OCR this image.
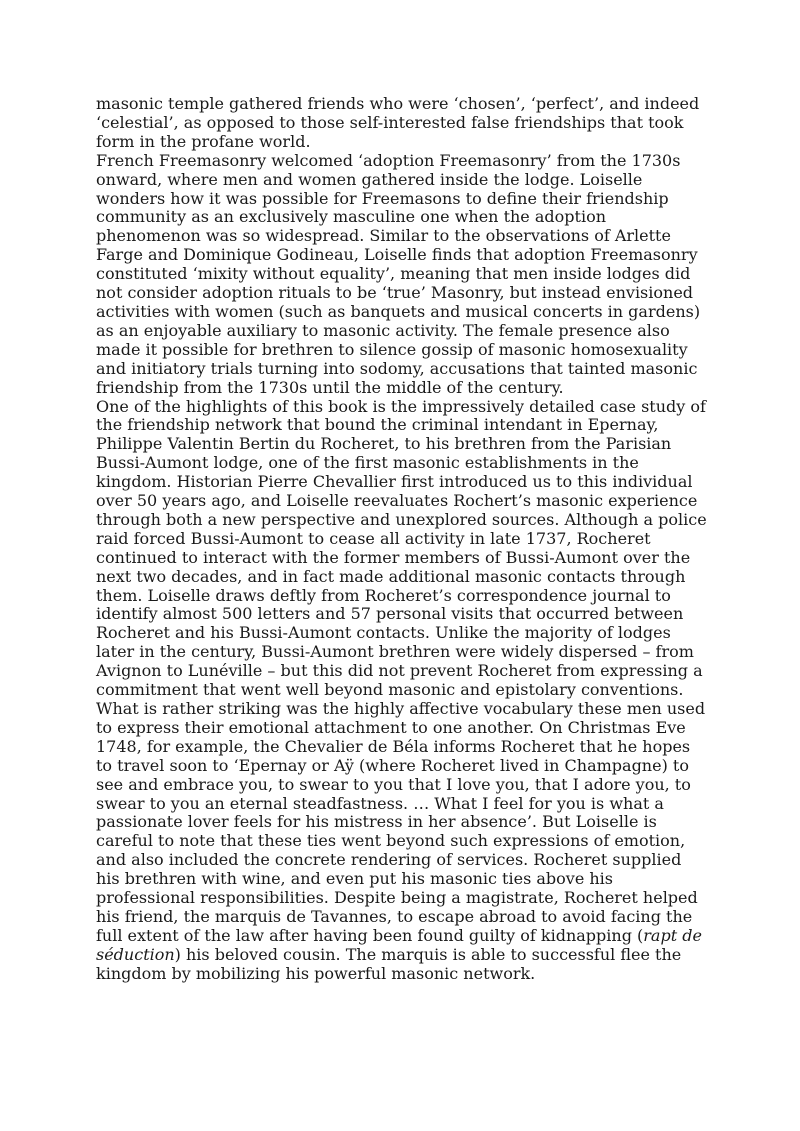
masonic temple gathered friends who were ‘chosen’, ‘perfect’, and indeed ‘celestial’, as opposed to those self-interested false friendships that took form in the profane world.

French Freemasonry welcomed ‘adoption Freemasonry’ from the 1730s onward, where men and women gathered inside the lodge. Loiselle wonders how it was possible for Freemasons to define their friendship community as an exclusively masculine one when the adoption phenomenon was so widespread. Similar to the observations of Arlette Farge and Dominique Godineau, Loiselle finds that adoption Freemasonry constituted ‘mixity without equality’, meaning that men inside lodges did not consider adoption rituals to be ‘true’ Masonry, but instead envisioned activities with women (such as banquets and musical concerts in gardens) as an enjoyable auxiliary to masonic activity. The female presence also made it possible for brethren to silence gossip of masonic homosexuality and initiatory trials turning into sodomy, accusations that tainted masonic friendship from the 1730s until the middle of the century.

One of the highlights of this book is the impressively detailed case study of the friendship network that bound the criminal intendant in Epernay, Philippe Valentin Bertin du Rocheret, to his brethren from the Parisian Bussi-Aumont lodge, one of the first masonic establishments in the kingdom. Historian Pierre Chevallier first introduced us to this individual over 50 years ago, and Loiselle reevaluates Rochert’s masonic experience through both a new perspective and unexplored sources. Although a police raid forced Bussi-Aumont to cease all activity in late 1737, Rocheret continued to interact with the former members of Bussi-Aumont over the next two decades, and in fact made additional masonic contacts through them. Loiselle draws deftly from Rocheret’s correspondence journal to identify almost 500 letters and 57 personal visits that occurred between Rocheret and his Bussi-Aumont contacts. Unlike the majority of lodges later in the century, Bussi-Aumont brethren were widely dispersed – from Avignon to Lunéville – but this did not prevent Rocheret from expressing a commitment that went well beyond masonic and epistolary conventions. What is rather striking was the highly affective vocabulary these men used to express their emotional attachment to one another. On Christmas Eve 1748, for example, the Chevalier de Béla informs Rocheret that he hopes to travel soon to ‘Epernay or Aÿ (where Rocheret lived in Champagne) to see and embrace you, to swear to you that I love you, that I adore you, to swear to you an eternal steadfastness. … What I feel for you is what a passionate lover feels for his mistress in her absence’. But Loiselle is careful to note that these ties went beyond such expressions of emotion, and also included the concrete rendering of services. Rocheret supplied his brethren with wine, and even put his masonic ties above his professional responsibilities. Despite being a magistrate, Rocheret helped his friend, the marquis de Tavannes, to escape abroad to avoid facing the full extent of the law after having been found guilty of kidnapping (rapt de séduction) his beloved cousin. The marquis is able to successful flee the kingdom by mobilizing his powerful masonic network.
